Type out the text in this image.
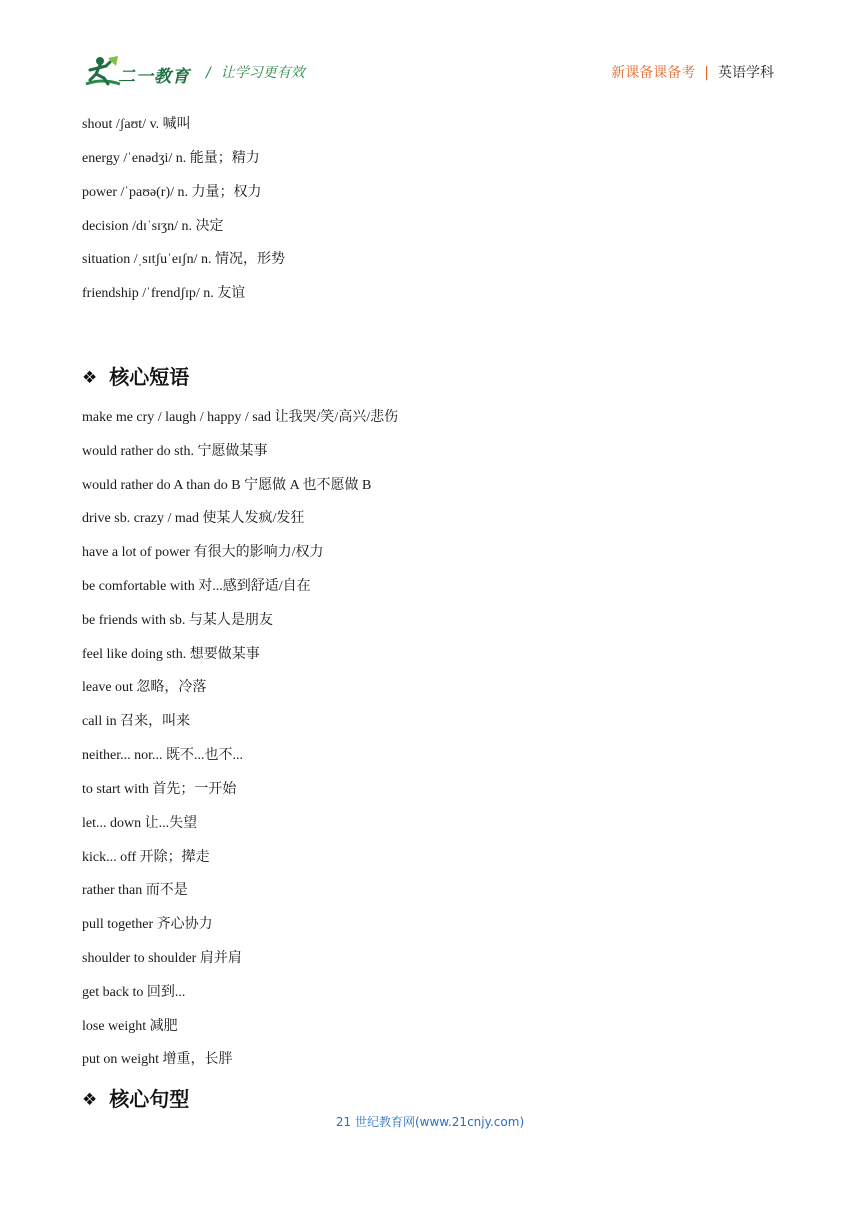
二一教育 / 让学习更有效	新课备课备考 | 英语学科
shout /ʃaʊt/ v. 喊叫
energy /ˈenədʒi/ n. 能量；精力
power /ˈpaʊə(r)/ n. 力量；权力
decision /dɪˈsɪʒn/ n. 决定
situation /ˌsɪtʃuˈeɪʃn/ n. 情况，形势
friendship /ˈfrendʃɪp/ n. 友谊
❖ 核心短语
make me cry / laugh / happy / sad 让我哭/笑/高兴/悲伤
would rather do sth. 宁愿做某事
would rather do A than do B 宁愿做 A 也不愿做 B
drive sb. crazy / mad 使某人发疯/发狂
have a lot of power 有很大的影响力/权力
be comfortable with 对...感到舒适/自在
be friends with sb. 与某人是朋友
feel like doing sth. 想要做某事
leave out 忽略，冷落
call in 召来，叫来
neither... nor... 既不...也不...
to start with 首先；一开始
let... down 让...失望
kick... off 开除；撵走
rather than 而不是
pull together 齐心协力
shoulder to shoulder 肩并肩
get back to 回到...
lose weight 减肥
put on weight 增重，长胖
❖ 核心句型
21 世纪教育网(www.21cnjy.com)
